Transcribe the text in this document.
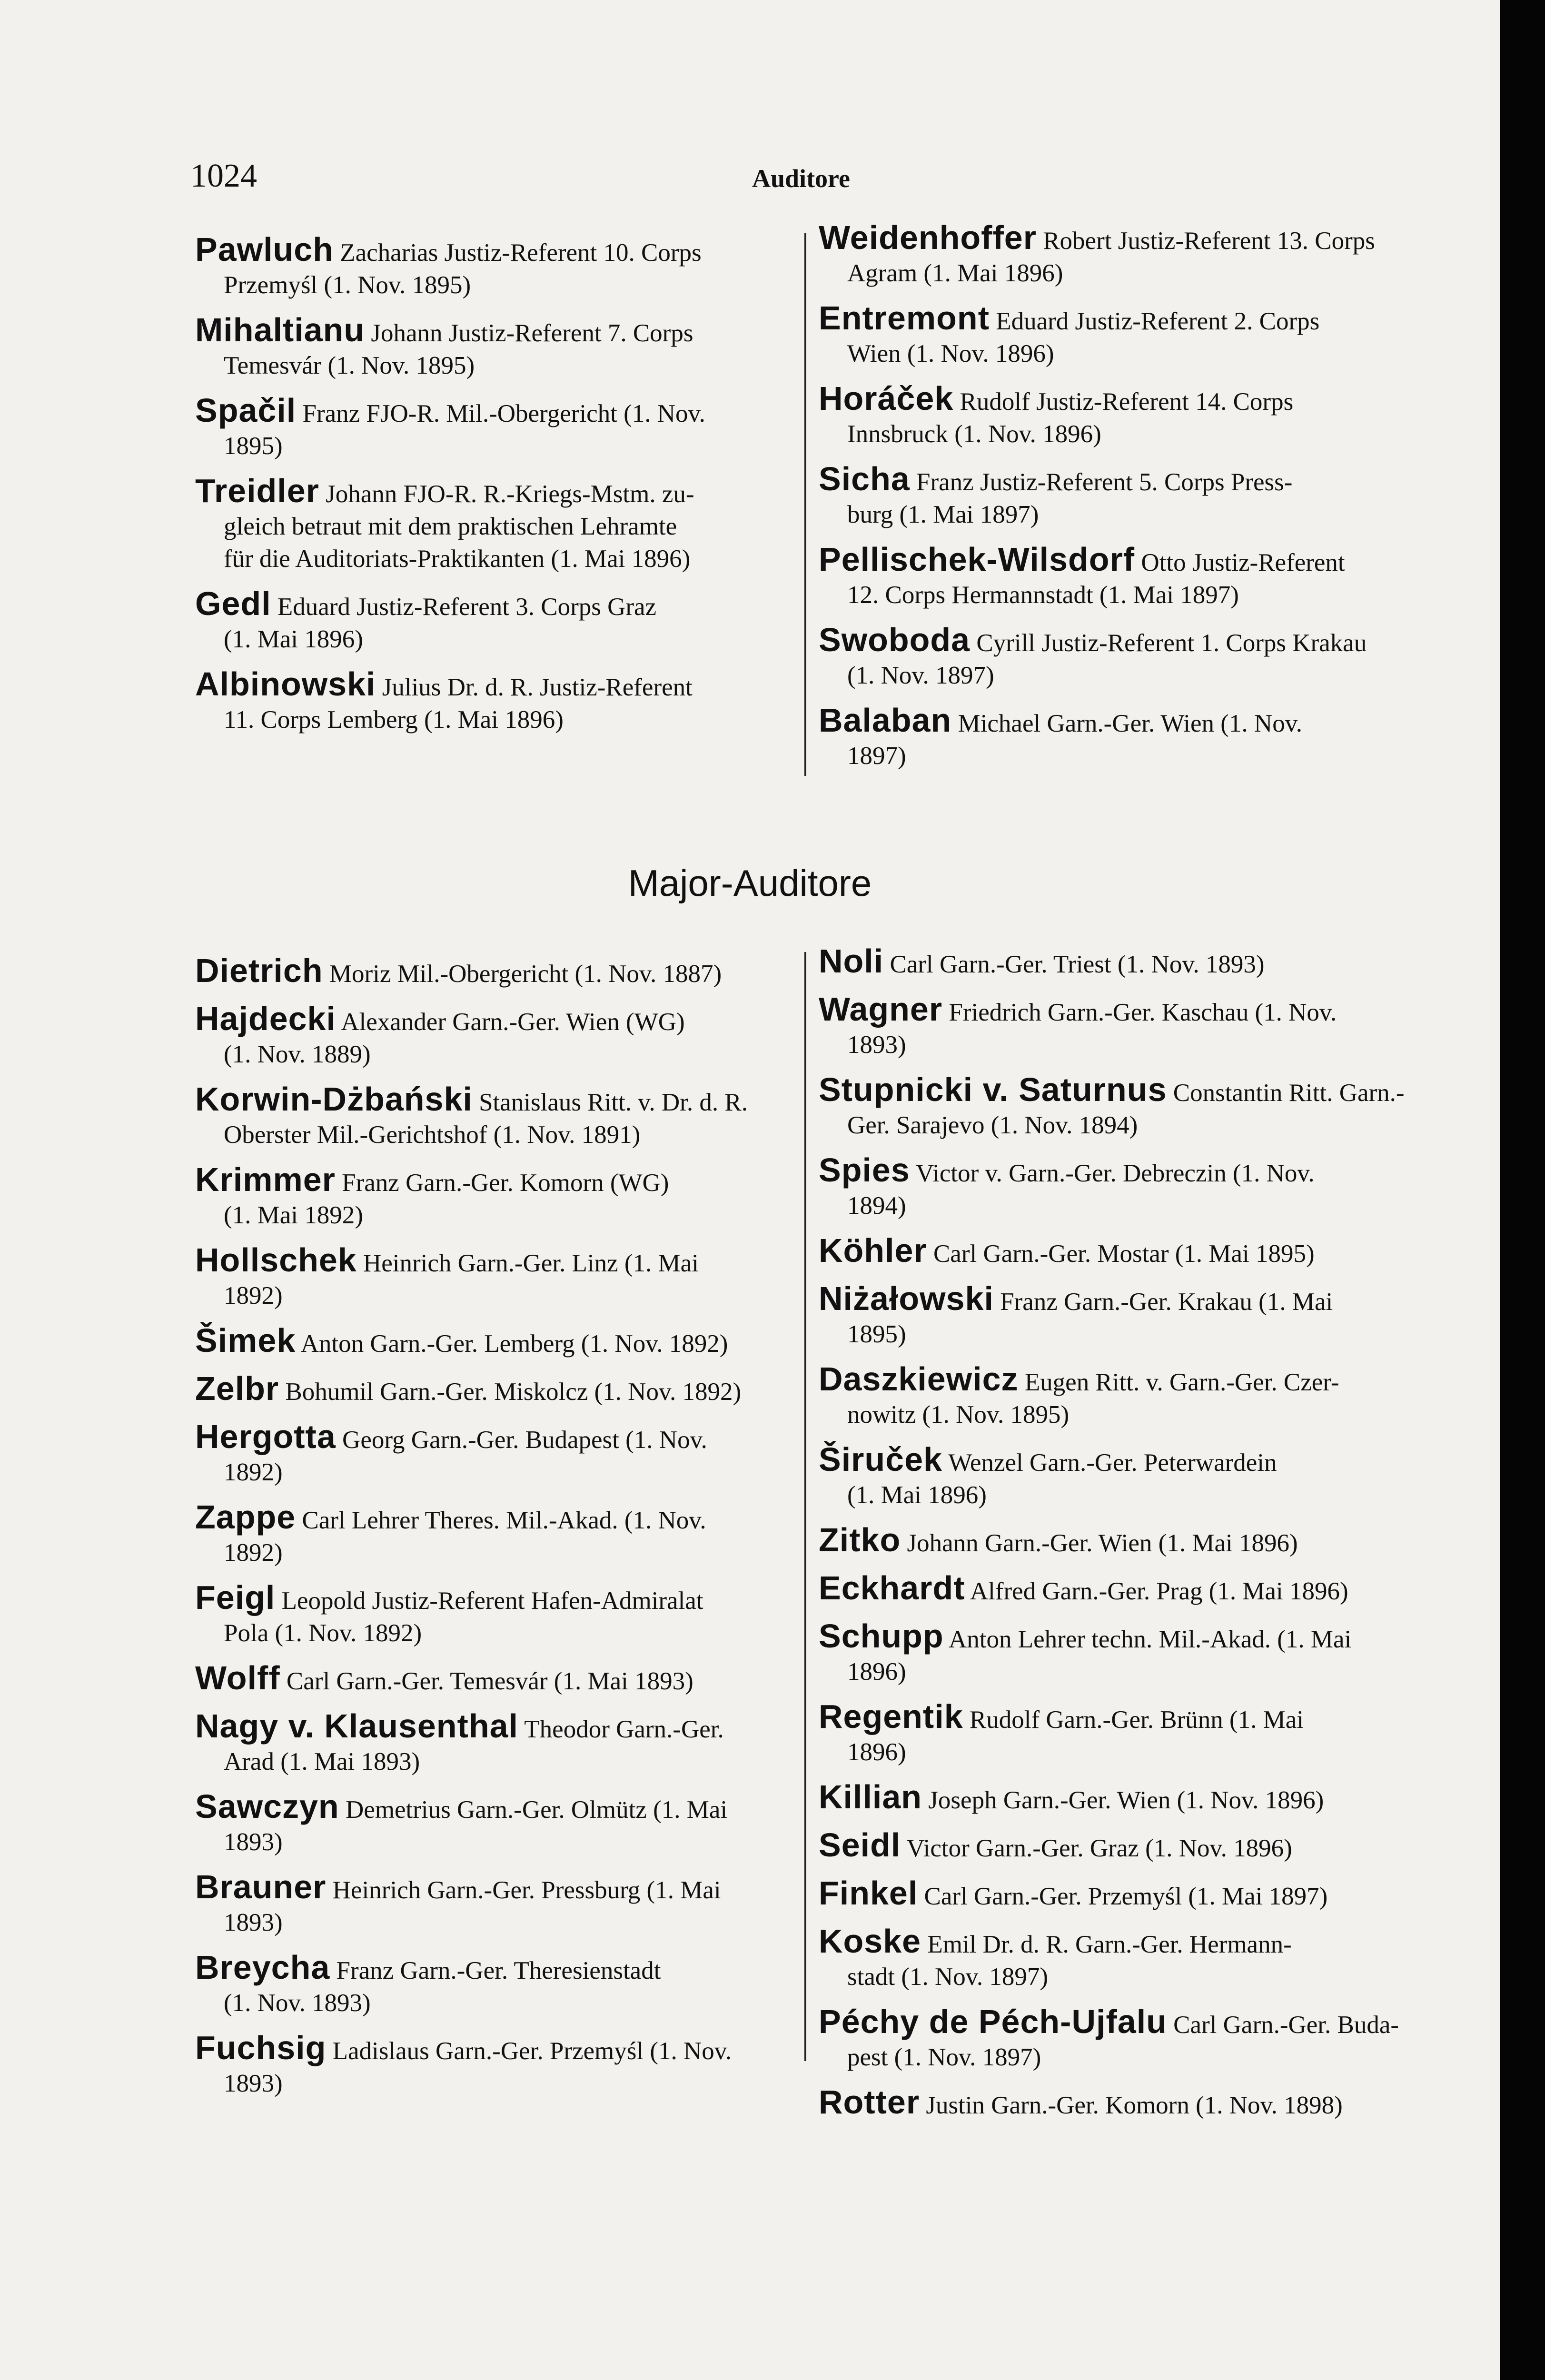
1024	Auditore
Pawluch Zacharias Justiz-Referent 10. Corps
Przemyśl (1. Nov. 1895)
Mihaltianu Johann Justiz-Referent 7. Corps
Temesvár (1. Nov. 1895)
Spačil Franz FJO-R. Mil.-Obergericht (1. Nov.
1895)
Treidler Johann FJO-R. R.-Kriegs-Mstm. zu-
gleich betraut mit dem praktischen Lehramte
für die Auditoriats-Praktikanten (1. Mai 1896)
Gedl Eduard Justiz-Referent 3. Corps Graz
(1. Mai 1896)
Albinowski Julius Dr. d. R. Justiz-Referent
11. Corps Lemberg (1. Mai 1896)
Weidenhoffer Robert Justiz-Referent 13. Corps
Agram (1. Mai 1896)
Entremont Eduard Justiz-Referent 2. Corps
Wien (1. Nov. 1896)
Horáček Rudolf Justiz-Referent 14. Corps
Innsbruck (1. Nov. 1896)
Sicha Franz Justiz-Referent 5. Corps Press-
burg (1. Mai 1897)
Pellischek-Wilsdorf Otto Justiz-Referent
12. Corps Hermannstadt (1. Mai 1897)
Swoboda Cyrill Justiz-Referent 1. Corps Krakau
(1. Nov. 1897)
Balaban Michael Garn.-Ger. Wien (1. Nov.
1897)
Major-Auditore
Dietrich Moriz Mil.-Obergericht (1. Nov. 1887)
Hajdecki Alexander Garn.-Ger. Wien (WG)
(1. Nov. 1889)
Korwin-Dżbański Stanislaus Ritt. v. Dr. d. R.
Oberster Mil.-Gerichtshof (1. Nov. 1891)
Krimmer Franz Garn.-Ger. Komorn (WG)
(1. Mai 1892)
Hollschek Heinrich Garn.-Ger. Linz (1. Mai
1892)
Šimek Anton Garn.-Ger. Lemberg (1. Nov. 1892)
Zelbr Bohumil Garn.-Ger. Miskolcz (1. Nov. 1892)
Hergotta Georg Garn.-Ger. Budapest (1. Nov.
1892)
Zappe Carl Lehrer Theres. Mil.-Akad. (1. Nov.
1892)
Feigl Leopold Justiz-Referent Hafen-Admiralat
Pola (1. Nov. 1892)
Wolff Carl Garn.-Ger. Temesvár (1. Mai 1893)
Nagy v. Klausenthal Theodor Garn.-Ger.
Arad (1. Mai 1893)
Sawczyn Demetrius Garn.-Ger. Olmütz (1. Mai
1893)
Brauner Heinrich Garn.-Ger. Pressburg (1. Mai
1893)
Breycha Franz Garn.-Ger. Theresienstadt
(1. Nov. 1893)
Fuchsig Ladislaus Garn.-Ger. Przemyśl (1. Nov.
1893)
Noli Carl Garn.-Ger. Triest (1. Nov. 1893)
Wagner Friedrich Garn.-Ger. Kaschau (1. Nov.
1893)
Stupnicki v. Saturnus Constantin Ritt. Garn.-
Ger. Sarajevo (1. Nov. 1894)
Spies Victor v. Garn.-Ger. Debreczin (1. Nov.
1894)
Köhler Carl Garn.-Ger. Mostar (1. Mai 1895)
Niżałowski Franz Garn.-Ger. Krakau (1. Mai
1895)
Daszkiewicz Eugen Ritt. v. Garn.-Ger. Czer-
nowitz (1. Nov. 1895)
Širuček Wenzel Garn.-Ger. Peterwardein
(1. Mai 1896)
Zitko Johann Garn.-Ger. Wien (1. Mai 1896)
Eckhardt Alfred Garn.-Ger. Prag (1. Mai 1896)
Schupp Anton Lehrer techn. Mil.-Akad. (1. Mai
1896)
Regentik Rudolf Garn.-Ger. Brünn (1. Mai
1896)
Killian Joseph Garn.-Ger. Wien (1. Nov. 1896)
Seidl Victor Garn.-Ger. Graz (1. Nov. 1896)
Finkel Carl Garn.-Ger. Przemyśl (1. Mai 1897)
Koske Emil Dr. d. R. Garn.-Ger. Hermann-
stadt (1. Nov. 1897)
Péchy de Péch-Ujfalu Carl Garn.-Ger. Buda-
pest (1. Nov. 1897)
Rotter Justin Garn.-Ger. Komorn (1. Nov. 1898)
